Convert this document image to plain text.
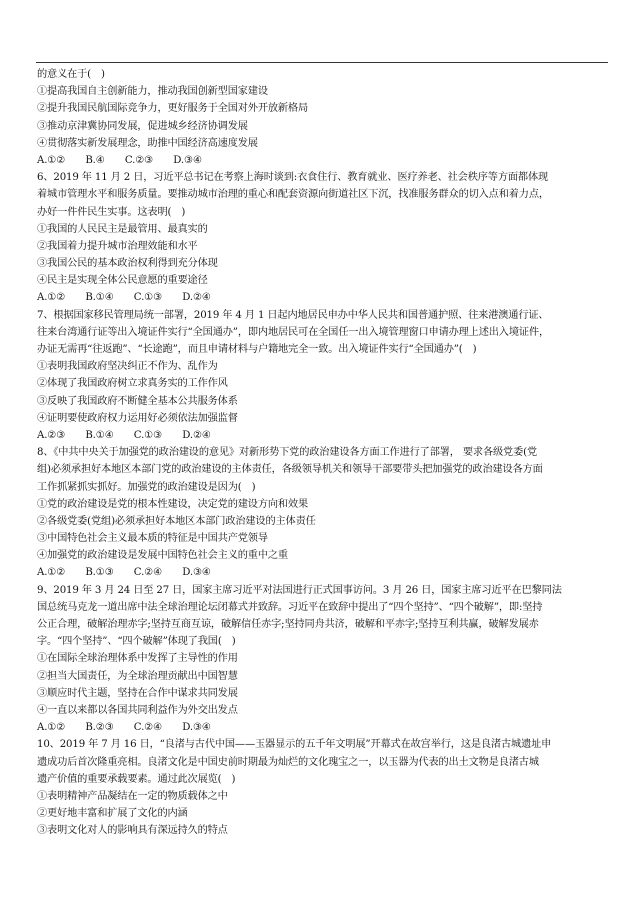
的意义在于(　)
①提高我国自主创新能力，推动我国创新型国家建设
②提升我国民航国际竞争力，更好服务于全国对外开放新格局
③推动京津冀协同发展，促进城乡经济协调发展
④贯彻落实新发展理念，助推中国经济高速度发展
A.①②　　B.④　　C.②③　　D.③④
6、2019 年 11 月 2 日，习近平总书记在考察上海时谈到:衣食住行、教育就业、医疗养老、社会秩序等方面都体现
着城市管理水平和服务质量。要推动城市治理的重心和配套资源向街道社区下沉，找准服务群众的切入点和着力点，
办好一件件民生实事。这表明(　)
①我国的人民民主是最管用、最真实的
②我国着力提升城市治理效能和水平
③我国公民的基本政治权利得到充分体现
④民主是实现全体公民意愿的重要途径
A.①②　　B.①④　　C.①③　　D.②④
7、根据国家移民管理局统一部署，2019 年 4 月 1 日起内地居民申办中华人民共和国普通护照、往来港澳通行证、
往来台湾通行证等出入境证件实行“全国通办”，即内地居民可在全国任一出入境管理窗口申请办理上述出入境证件，
办证无需再“往返跑”、“长途跑”，而且申请材料与户籍地完全一致。出入境证件实行“全国通办”(　)
①表明我国政府坚决纠正不作为、乱作为
②体现了我国政府树立求真务实的工作作风
③反映了我国政府不断健全基本公共服务体系
④证明要使政府权力运用好必须依法加强监督
A.②③　　B.①④　　C.①③　　D.②④
8、《中共中央关于加强党的政治建设的意见》对新形势下党的政治建设各方面工作进行了部署， 要求各级党委(党
组)必须承担好本地区本部门党的政治建设的主体责任，各级领导机关和领导干部要带头把加强党的政治建设各方面
工作抓紧抓实抓好。加强党的政治建设是因为(　)
①党的政治建设是党的根本性建设，决定党的建设方向和效果
②各级党委(党组)必须承担好本地区本部门政治建设的主体责任
③中国特色社会主义最本质的特征是中国共产党领导
④加强党的政治建设是发展中国特色社会主义的重中之重
A.①②　　B.①③　　C.②④　　D.③④
9、2019 年 3 月 24 日至 27 日，国家主席习近平对法国进行正式国事访问。3 月 26 日，国家主席习近平在巴黎同法
国总统马克龙一道出席中法全球治理论坛闭幕式并致辞。习近平在致辞中提出了“四个坚持”、“四个破解”，即:坚持
公正合理，破解治理赤字;坚持互商互谅，破解信任赤字;坚持同舟共济，破解和平赤字;坚持互利共赢，破解发展赤
字。“四个坚持”、“四个破解”体现了我国(　)
①在国际全球治理体系中发挥了主导性的作用
②担当大国责任，为全球治理贡献出中国智慧
③顺应时代主题，坚持在合作中谋求共同发展
④一直以来都以各国共同利益作为外交出发点
A.①②　　B.②③　　C.②④　　D.③④
10、2019 年 7 月 16 日，“良渚与古代中国——玉器显示的五千年文明展”开幕式在故宫举行，这是良渚古城遗址申
遗成功后首次隆重亮相。良渚文化是中国史前时期最为灿烂的文化瑰宝之一，以玉器为代表的出土文物是良渚古城
遗产价值的重要承载要素。通过此次展览(　)
①表明精神产品凝结在一定的物质载体之中
②更好地丰富和扩展了文化的内涵
③表明文化对人的影响具有深远持久的特点
